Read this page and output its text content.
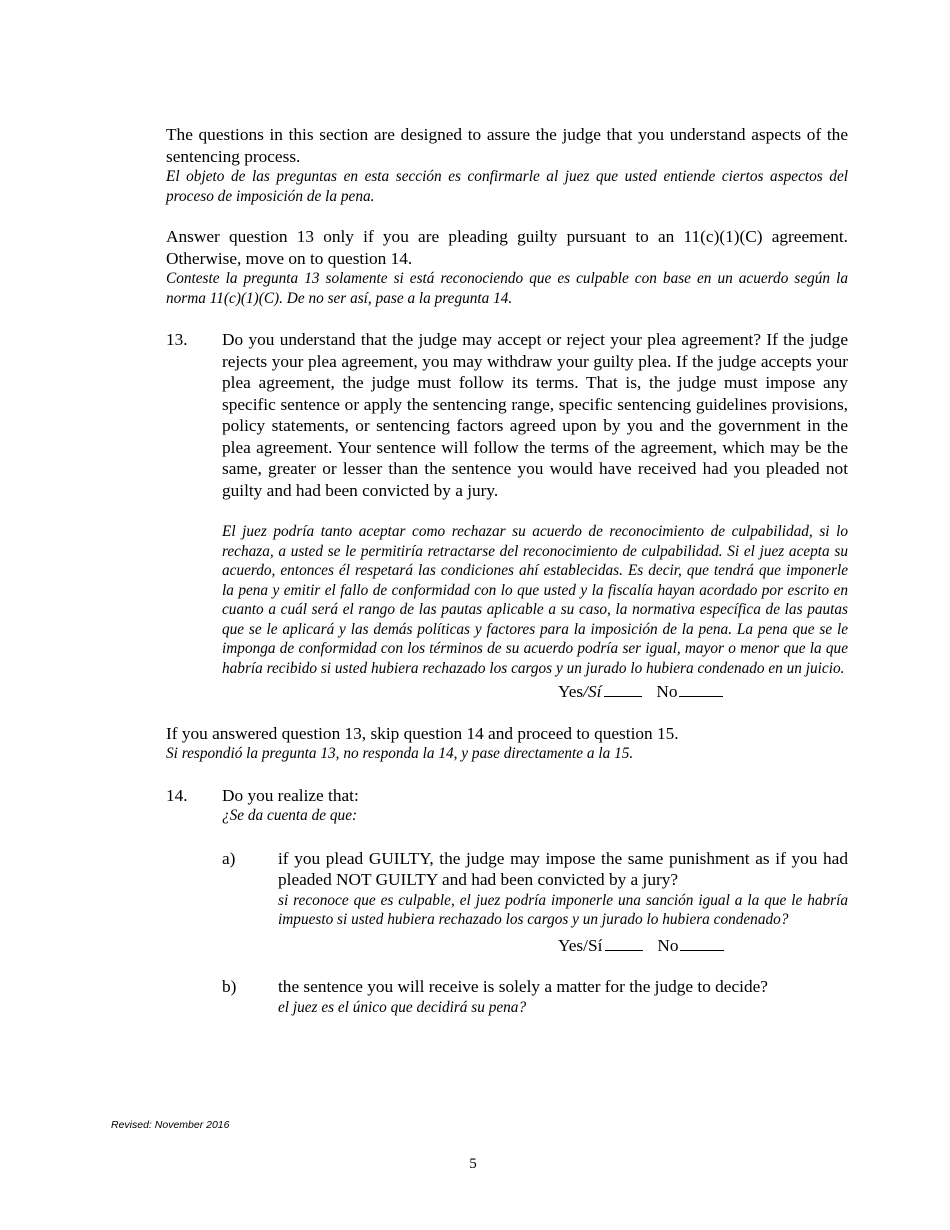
The questions in this section are designed to assure the judge that you understand aspects of the sentencing process.

El objeto de las preguntas en esta sección es confirmarle al juez que usted entiende ciertos aspectos del proceso de imposición de la pena.

Answer question 13 only if you are pleading guilty pursuant to an 11(c)(1)(C) agreement. Otherwise, move on to question 14.

Conteste la pregunta 13 solamente si está reconociendo que es culpable con base en un acuerdo según la norma 11(c)(1)(C). De no ser así, pase a la pregunta 14.

13.	Do you understand that the judge may accept or reject your plea agreement? If the judge rejects your plea agreement, you may withdraw your guilty plea. If the judge accepts your plea agreement, the judge must follow its terms. That is, the judge must impose any specific sentence or apply the sentencing range, specific sentencing guidelines provisions, policy statements, or sentencing factors agreed upon by you and the government in the plea agreement. Your sentence will follow the terms of the agreement, which may be the same, greater or lesser than the sentence you would have received had you pleaded not guilty and had been convicted by a jury.

El juez podría tanto aceptar como rechazar su acuerdo de reconocimiento de culpabilidad, si lo rechaza, a usted se le permitiría retractarse del reconocimiento de culpabilidad. Si el juez acepta su acuerdo, entonces él respetará las condiciones ahí establecidas. Es decir, que tendrá que imponerle la pena y emitir el fallo de conformidad con lo que usted y la fiscalía hayan acordado por escrito en cuanto a cuál será el rango de las pautas aplicable a su caso, la normativa específica de las pautas que se le aplicará y las demás políticas y factores para la imposición de la pena. La pena que se le imponga de conformidad con los términos de su acuerdo podría ser igual, mayor o menor que la que habría recibido si usted hubiera rechazado los cargos y un jurado lo hubiera condenado en un juicio.

Yes/Sí	No

If you answered question 13, skip question 14 and proceed to question 15.

Si respondió la pregunta 13, no responda la 14, y pase directamente a la 15.

14.	Do you realize that:

¿Se da cuenta de que:

a)	if you plead GUILTY, the judge may impose the same punishment as if you had pleaded NOT GUILTY and had been convicted by a jury?

si reconoce que es culpable, el juez podría imponerle una sanción igual a la que le habría impuesto si usted hubiera rechazado los cargos y un jurado lo hubiera condenado?

Yes/Sí	No
b)	the sentence you will receive is solely a matter for the judge to decide?

el juez es el único que decidirá su pena?

Revised: November 2016
5
